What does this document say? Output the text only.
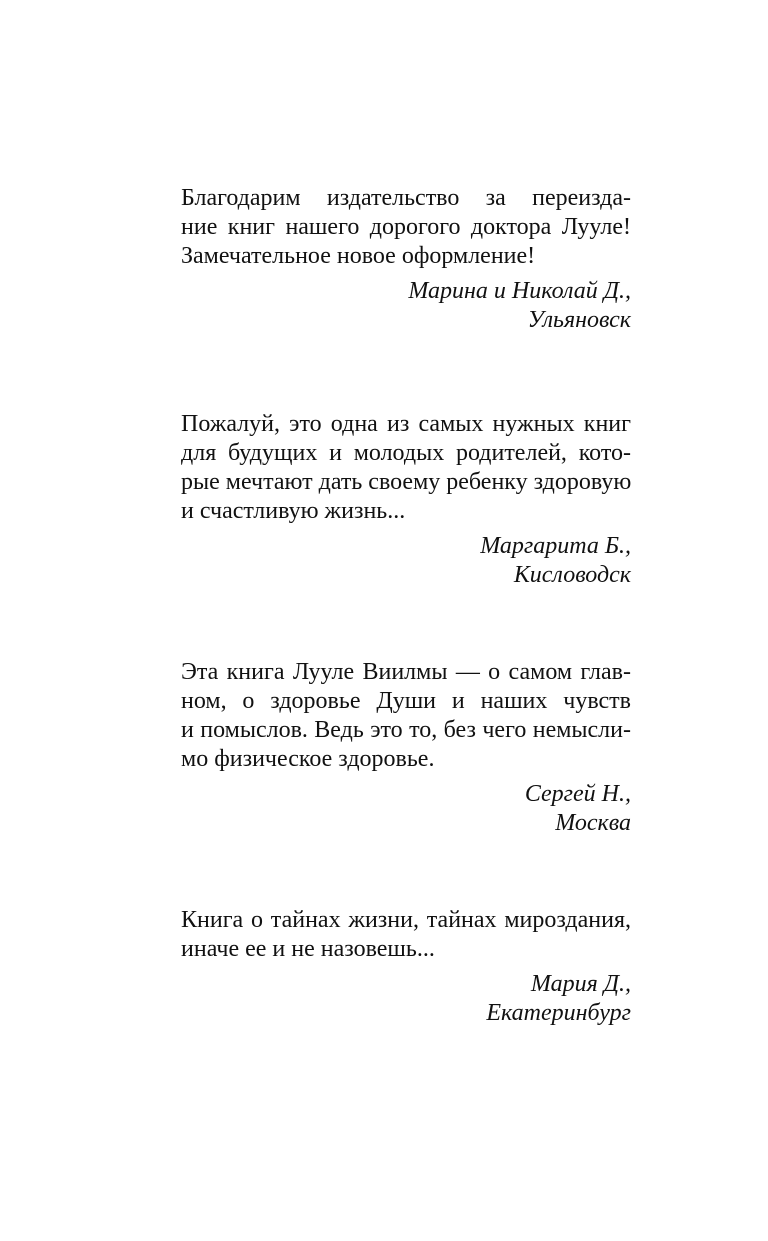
Благодарим издательство за переизда-
ние книг нашего дорогого доктора Лууле!
Замечательное новое оформление!

Марина и Николай Д.,
Ульяновск

Пожалуй, это одна из самых нужных книг
для будущих и молодых родителей, кото-
рые мечтают дать своему ребенку здоровую
и счастливую жизнь...

Маргарита Б.,
Кисловодск

Эта книга Лууле Виилмы — о самом глав-
ном, о здоровье Души и наших чувств
и помыслов. Ведь это то, без чего немысли-
мо физическое здоровье.

Сергей Н.,
Москва

Книга о тайнах жизни, тайнах мироздания,
иначе ее и не назовешь...

Мария Д.,
Екатеринбург
